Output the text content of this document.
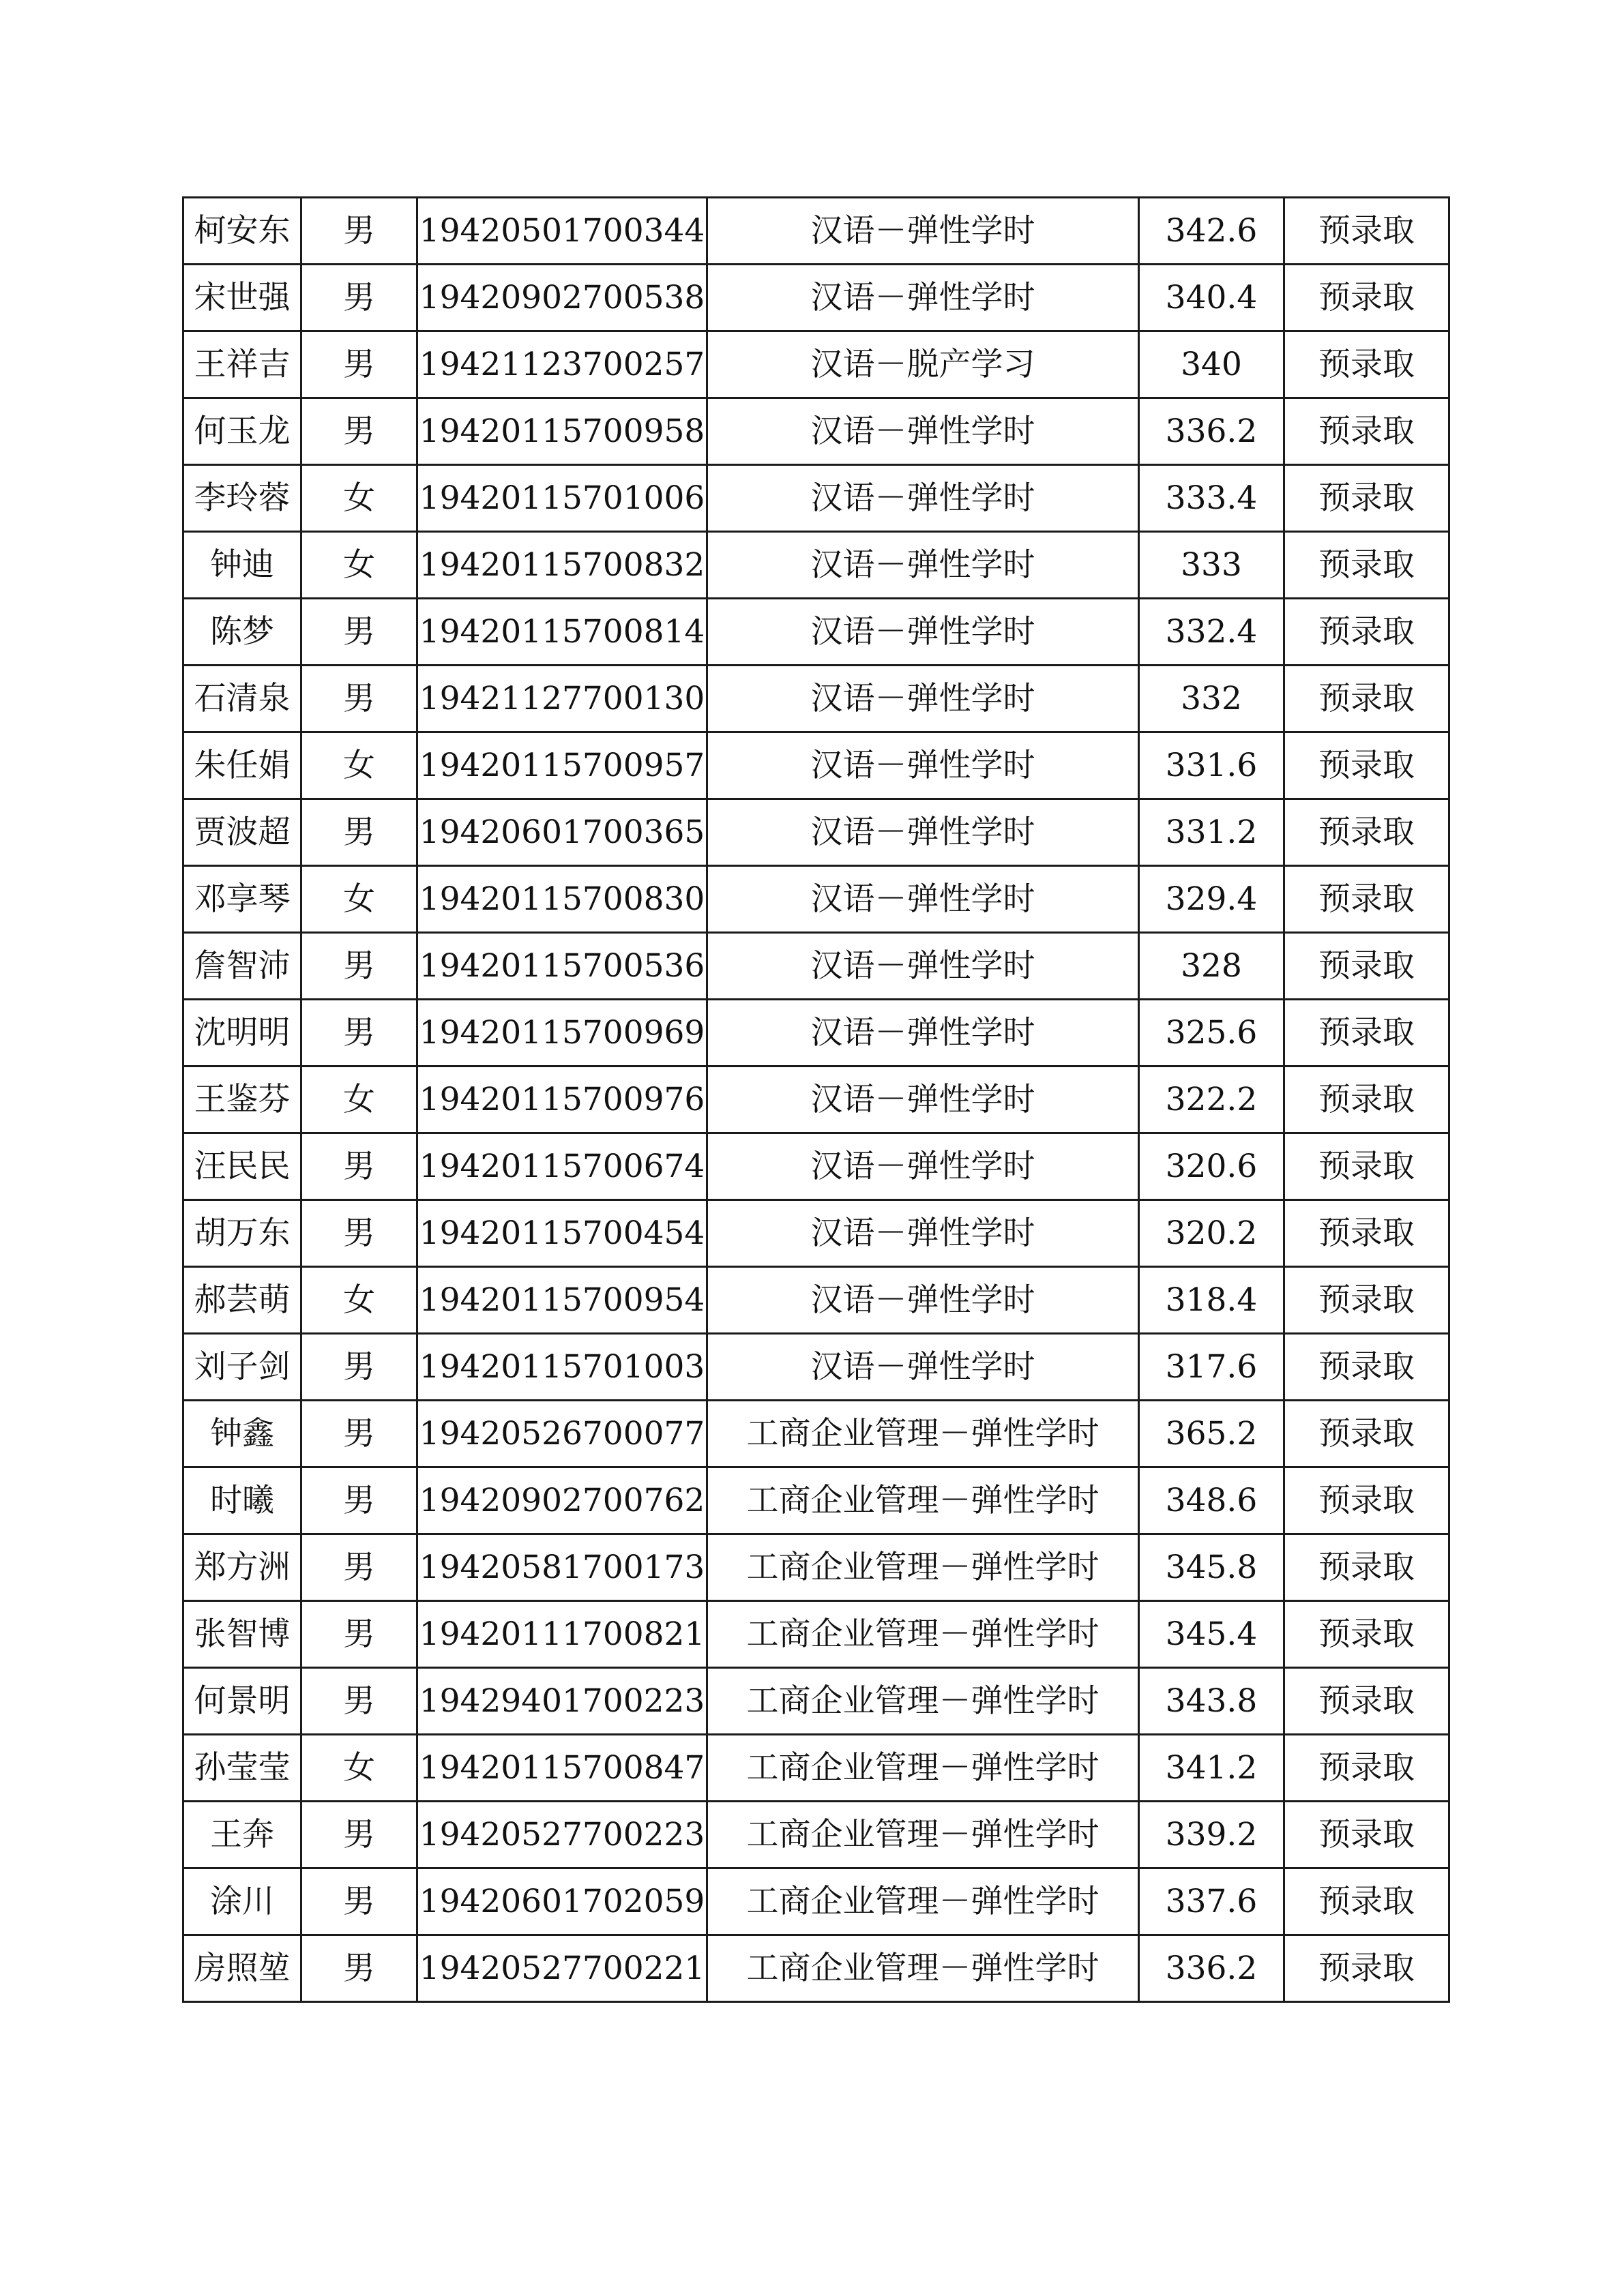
柯安东	男	19420501700344	汉语－弹性学时	342.6	预录取
宋世强	男	19420902700538	汉语－弹性学时	340.4	预录取
王祥吉	男	19421123700257	汉语－脱产学习	340	预录取
何玉龙	男	19420115700958	汉语－弹性学时	336.2	预录取
李玲蓉	女	19420115701006	汉语－弹性学时	333.4	预录取
钟迪	女	19420115700832	汉语－弹性学时	333	预录取
陈梦	男	19420115700814	汉语－弹性学时	332.4	预录取
石清泉	男	19421127700130	汉语－弹性学时	332	预录取
朱任娟	女	19420115700957	汉语－弹性学时	331.6	预录取
贾波超	男	19420601700365	汉语－弹性学时	331.2	预录取
邓享琴	女	19420115700830	汉语－弹性学时	329.4	预录取
詹智沛	男	19420115700536	汉语－弹性学时	328	预录取
沈明明	男	19420115700969	汉语－弹性学时	325.6	预录取
王鉴芬	女	19420115700976	汉语－弹性学时	322.2	预录取
汪民民	男	19420115700674	汉语－弹性学时	320.6	预录取
胡万东	男	19420115700454	汉语－弹性学时	320.2	预录取
郝芸萌	女	19420115700954	汉语－弹性学时	318.4	预录取
刘子剑	男	19420115701003	汉语－弹性学时	317.6	预录取
钟鑫	男	19420526700077	工商企业管理－弹性学时	365.2	预录取
时曦	男	19420902700762	工商企业管理－弹性学时	348.6	预录取
郑方洲	男	19420581700173	工商企业管理－弹性学时	345.8	预录取
张智博	男	19420111700821	工商企业管理－弹性学时	345.4	预录取
何景明	男	19429401700223	工商企业管理－弹性学时	343.8	预录取
孙莹莹	女	19420115700847	工商企业管理－弹性学时	341.2	预录取
王奔	男	19420527700223	工商企业管理－弹性学时	339.2	预录取
涂川	男	19420601702059	工商企业管理－弹性学时	337.6	预录取
房照堃	男	19420527700221	工商企业管理－弹性学时	336.2	预录取
